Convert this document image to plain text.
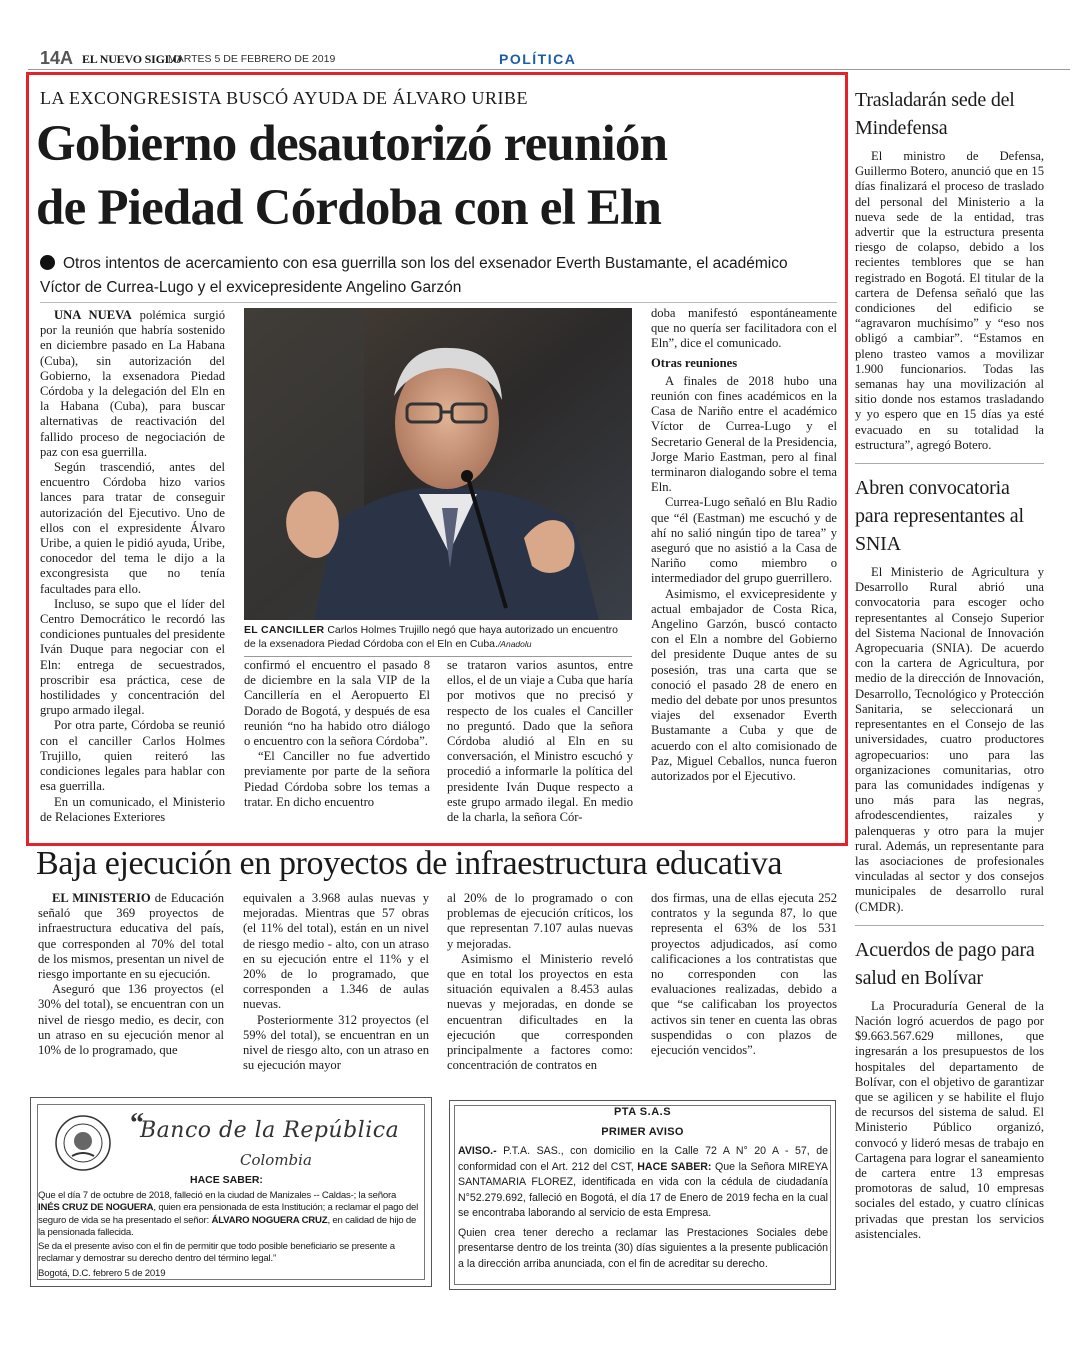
14A EL NUEVO SIGLO
MARTES 5 DE FEBRERO DE 2019	POLÍTICA
LA EXCONGRESISTA BUSCÓ AYUDA DE ÁLVARO URIBE
Gobierno desautorizó reunión
de Piedad Córdoba con el Eln
Otros intentos de acercamiento con esa guerrilla son los del exsenador Everth Bustamante, el académico Víctor de Currea-Lugo y el exvicepresidente Angelino Garzón

UNA NUEVA polémica surgió por la reunión que habría sostenido en diciembre pasado en La Habana (Cuba), sin autorización del Gobierno, la exsenadora Piedad Córdoba y la delegación del Eln en la Habana (Cuba), para buscar alternativas de reactivación del fallido proceso de negociación de paz con esa guerrilla.

Según trascendió, antes del encuentro Córdoba hizo varios lances para tratar de conseguir autorización del Ejecutivo. Uno de ellos con el expresidente Álvaro Uribe, a quien le pidió ayuda, Uribe, conocedor del tema le dijo a la excongresista que no tenía facultades para ello.

Incluso, se supo que el líder del Centro Democrático le recordó las condiciones puntuales del presidente Iván Duque para negociar con el Eln: entrega de secuestrados, proscribir esa práctica, cese de hostilidades y concentración del grupo armado ilegal.

Por otra parte, Córdoba se reunió con el canciller Carlos Holmes Trujillo, quien reiteró las condiciones legales para hablar con esa guerrilla.

En un comunicado, el Ministerio de Relaciones Exteriores

EL CANCILLER Carlos Holmes Trujillo negó que haya autorizado un encuentro de la exsenadora Piedad Córdoba con el Eln en Cuba./Anadolu

confirmó el encuentro el pasado 8 de diciembre en la sala VIP de la Cancillería en el Aeropuerto El Dorado de Bogotá, y después de esa reunión “no ha habido otro diálogo o encuentro con la señora Córdoba”.

“El Canciller no fue advertido previamente por parte de la señora Piedad Córdoba sobre los temas a tratar. En dicho encuentro

se trataron varios asuntos, entre ellos, el de un viaje a Cuba que haría por motivos que no precisó y respecto de los cuales el Canciller no preguntó. Dado que la señora Córdoba aludió al Eln en su conversación, el Ministro escuchó y procedió a informarle la política del presidente Iván Duque respecto a este grupo armado ilegal. En medio de la charla, la señora Cór-

doba manifestó espontáneamente que no quería ser facilitadora con el Eln”, dice el comunicado.

Otras reuniones

A finales de 2018 hubo una reunión con fines académicos en la Casa de Nariño entre el académico Víctor de Currea-Lugo y el Secretario General de la Presidencia, Jorge Mario Eastman, pero al final terminaron dialogando sobre el tema Eln.

Currea-Lugo señaló en Blu Radio que “él (Eastman) me escuchó y de ahí no salió ningún tipo de tarea” y aseguró que no asistió a la Casa de Nariño como miembro o intermediador del grupo guerrillero.

Asimismo, el exvicepresidente y actual embajador de Costa Rica, Angelino Garzón, buscó contacto con el Eln a nombre del Gobierno del presidente Duque antes de su posesión, tras una carta que se conoció el pasado 28 de enero en medio del debate por unos presuntos viajes del exsenador Everth Bustamante a Cuba y que de acuerdo con el alto comisionado de Paz, Miguel Ceballos, nunca fueron autorizados por el Ejecutivo.

Baja ejecución en proyectos de infraestructura educativa

EL MINISTERIO de Educación señaló que 369 proyectos de infraestructura educativa del país, que corresponden al 70% del total de los mismos, presentan un nivel de riesgo importante en su ejecución.

Aseguró que 136 proyectos (el 30% del total), se encuentran con un nivel de riesgo medio, es decir, con un atraso en su ejecución menor al 10% de lo programado, que

equivalen a 3.968 aulas nuevas y mejoradas. Mientras que 57 obras (el 11% del total), están en un nivel de riesgo medio - alto, con un atraso en su ejecución entre el 11% y el 20% de lo programado, que corresponden a 1.346 de aulas nuevas.

Posteriormente 312 proyectos (el 59% del total), se encuentran en un nivel de riesgo alto, con un atraso en su ejecución mayor

al 20% de lo programado o con problemas de ejecución críticos, los que representan 7.107 aulas nuevas y mejoradas.

Asimismo el Ministerio reveló que en total los proyectos en esta situación equivalen a 8.453 aulas nuevas y mejoradas, en donde se encuentran dificultades en la ejecución que corresponden principalmente a factores como: concentración de contratos en

dos firmas, una de ellas ejecuta 252 contratos y la segunda 87, lo que representa el 63% de los 531 proyectos adjudicados, así como calificaciones a los contratistas que no corresponden con las evaluaciones realizadas, debido a que “se calificaban los proyectos activos sin tener en cuenta las obras suspendidas o con plazos de ejecución vencidos”.

Trasladarán sede del Mindefensa

El ministro de Defensa, Guillermo Botero, anunció que en 15 días finalizará el proceso de traslado del personal del Ministerio a la nueva sede de la entidad, tras advertir que la estructura presenta riesgo de colapso, debido a los recientes temblores que se han registrado en Bogotá. El titular de la cartera de Defensa señaló que las condiciones del edificio se “agravaron muchísimo” y “eso nos obligó a cambiar”. “Estamos en pleno trasteo vamos a movilizar 1.900 funcionarios. Todas las semanas hay una movilización al sitio donde nos estamos trasladando y yo espero que en 15 días ya esté evacuado en su totalidad la estructura”, agregó Botero.

Abren convocatoria para representantes al SNIA

El Ministerio de Agricultura y Desarrollo Rural abrió una convocatoria para escoger ocho representantes al Consejo Superior del Sistema Nacional de Innovación Agropecuaria (SNIA). De acuerdo con la cartera de Agricultura, por medio de la dirección de Innovación, Desarrollo, Tecnológico y Protección Sanitaria, se seleccionará un representantes en el Consejo de las universidades, cuatro productores agropecuarios: uno para las organizaciones comunitarias, otro para las comunidades indígenas y uno más para las negras, afrodescendientes, raizales y palenqueras y otro para la mujer rural. Además, un representante para las asociaciones de profesionales vinculadas al sector y dos consejos municipales de desarrollo rural (CMDR).

Acuerdos de pago para salud en Bolívar

La Procuraduría General de la Nación logró acuerdos de pago por $9.663.567.629 millones, que ingresarán a los presupuestos de los hospitales del departamento de Bolívar, con el objetivo de garantizar que se agilicen y se habilite el flujo de recursos del sistema de salud. El Ministerio Público organizó, convocó y lideró mesas de trabajo en Cartagena para lograr el saneamiento de cartera entre 13 empresas promotoras de salud, 10 empresas sociales del estado, y cuatro clínicas privadas que prestan los servicios asistenciales.

“
Banco de la República
Colombia
HACE SABER:

Que el día 7 de octubre de 2018, falleció en la ciudad de Manizales -- Caldas-; la señora INÉS CRUZ DE NOGUERA, quien era pensionada de esta Institución; a reclamar el pago del seguro de vida se ha presentado el señor: ÁLVARO NOGUERA CRUZ, en calidad de hijo de la pensionada fallecida.

Se da el presente aviso con el fin de permitir que todo posible beneficiario se presente a reclamar y demostrar su derecho dentro del término legal.”

Bogotá, D.C. febrero 5 de 2019

PTA S.A.S
PRIMER AVISO

AVISO.- P.T.A. SAS., con domicilio en la Calle 72 A N° 20 A - 57, de conformidad con el Art. 212 del CST, HACE SABER: Que la Señora MIREYA SANTAMARIA FLOREZ, identificada en vida con la cédula de ciudadanía N°52.279.692, falleció en Bogotá, el día 17 de Enero de 2019 fecha en la cual se encontraba laborando al servicio de esta Empresa.

Quien crea tener derecho a reclamar las Prestaciones Sociales debe presentarse dentro de los treinta (30) días siguientes a la presente publicación a la dirección arriba anunciada, con el fin de acreditar su derecho.
